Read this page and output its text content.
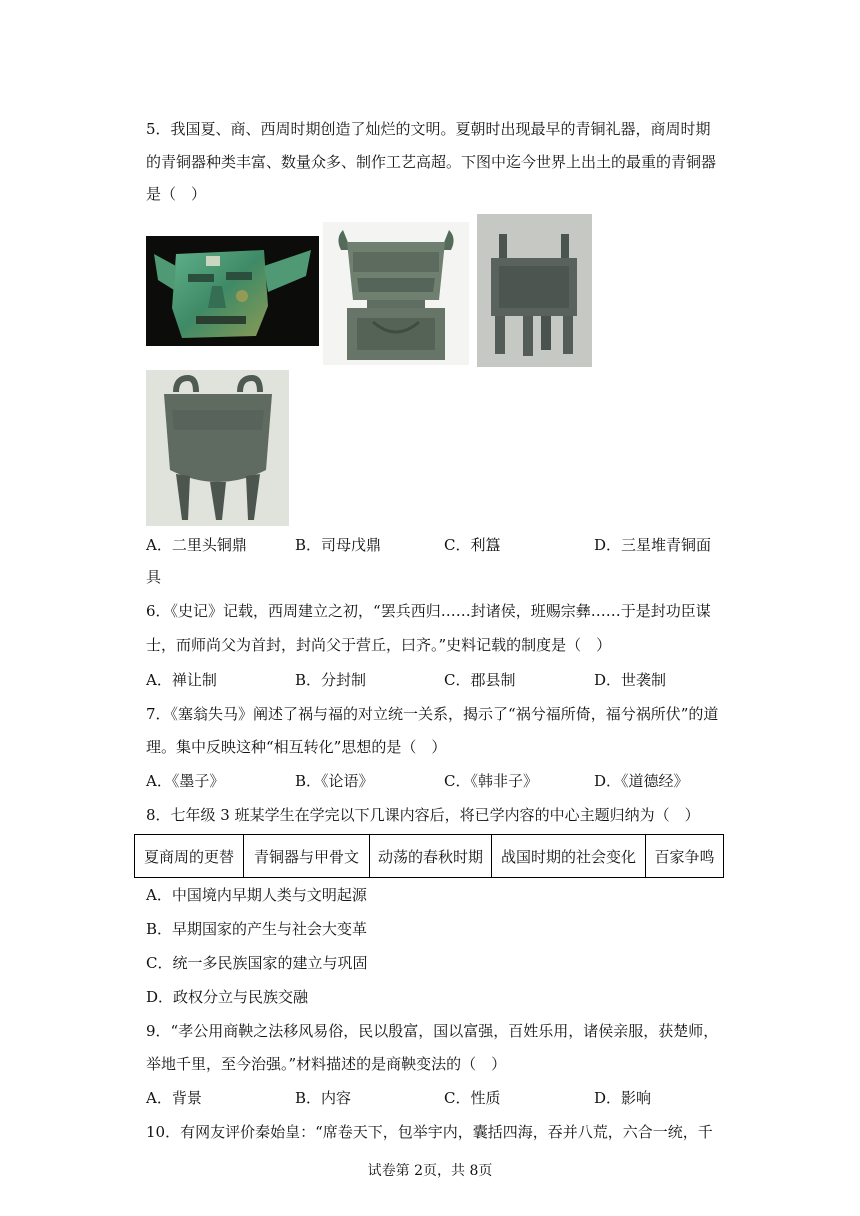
5．我国夏、商、西周时期创造了灿烂的文明。夏朝时出现最早的青铜礼器，商周时期
的青铜器种类丰富、数量众多、制作工艺高超。下图中迄今世界上出土的最重的青铜器
是（　）
A．二里头铜鼎	B．司母戊鼎	C．利簋	D．三星堆青铜面
具
6．《史记》记载，西周建立之初，“罢兵西归……封诸侯，班赐宗彝……于是封功臣谋
士，而师尚父为首封，封尚父于营丘，曰齐。”史料记载的制度是（　）
A．禅让制	B．分封制	C．郡县制	D．世袭制
7．《塞翁失马》阐述了祸与福的对立统一关系，揭示了“祸兮福所倚，福兮祸所伏”的道
理。集中反映这种“相互转化”思想的是（　）
A．《墨子》	B．《论语》	C．《韩非子》	D．《道德经》
8．七年级 3 班某学生在学完以下几课内容后，将已学内容的中心主题归纳为（　）
夏商周的更替	青铜器与甲骨文	动荡的春秋时期	战国时期的社会变化	百家争鸣
A．中国境内早期人类与文明起源
B．早期国家的产生与社会大变革
C．统一多民族国家的建立与巩固
D．政权分立与民族交融
9．“孝公用商鞅之法移风易俗，民以殷富，国以富强，百姓乐用，诸侯亲服，获楚师，
举地千里，至今治强。”材料描述的是商鞅变法的（　）
A．背景	B．内容	C．性质	D．影响
10．有网友评价秦始皇：“席卷天下，包举宇内，囊括四海，吞并八荒，六合一统，千
试卷第 2页，共 8页
